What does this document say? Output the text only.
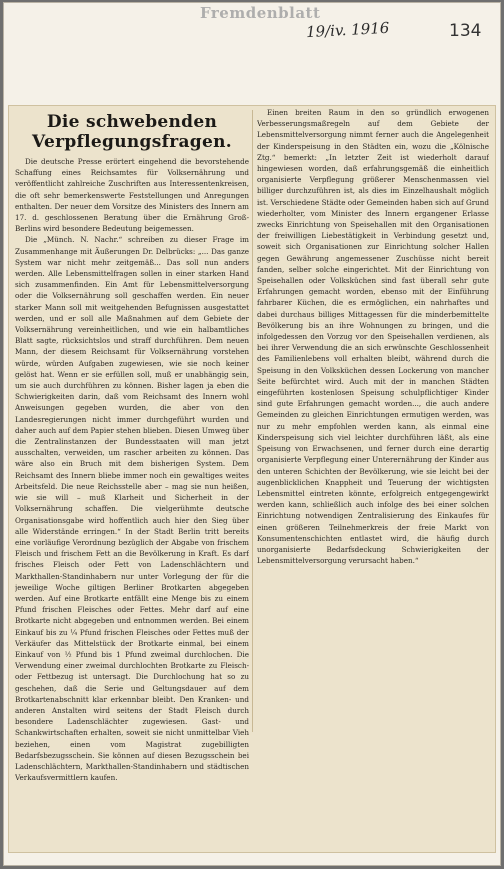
Fremdenblatt
19/iv. 1916	134
Die schwebenden Verpflegungsfragen.

Die deutsche Presse erörtert eingehend die bevorstehende Schaffung eines Reichsamtes für Volksernährung und veröffentlicht zahlreiche Zuschriften aus Interessentenkreisen, die oft sehr bemerkenswerte Feststellungen und Anregungen enthalten. Der neuer dem Vorsitze des Ministers des Innern am 17. d. geschlossenen Beratung über die Ernährung Groß-Berlins wird besondere Bedeutung beigemessen.

Die „Münch. N. Nachr.“ schreiben zu dieser Frage im Zusammenhange mit Äußerungen Dr. Delbrücks: „... Das ganze System war nicht mehr zeitgemäß... Das soll nun anders werden. Alle Lebensmittelfragen sollen in einer starken Hand sich zusammenfinden. Ein Amt für Lebensmittelversorgung oder die Volksernährung soll geschaffen werden. Ein neuer starker Mann soll mit weitgehenden Befugnissen ausgestattet werden, und er soll alle Maßnahmen auf dem Gebiete der Volksernährung vereinheitlichen, und wie ein halbamtliches Blatt sagte, rücksichtslos und straff durchführen. Dem neuen Mann, der diesem Reichsamt für Volksernährung vorstehen würde, würden Aufgaben zugewiesen, wie sie noch keiner gelöst hat. Wenn er sie erfüllen soll, muß er unabhängig sein, um sie auch durchführen zu können. Bisher lagen ja eben die Schwierigkeiten darin, daß vom Reichsamt des Innern wohl Anweisungen gegeben wurden, die aber von den Landesregierungen nicht immer durchgeführt wurden und daher auch auf dem Papier stehen blieben. Diesen Umweg über die Zentralinstanzen der Bundesstaaten will man jetzt ausschalten, verweiden, um rascher arbeiten zu können. Das wäre also ein Bruch mit dem bisherigen System. Dem Reichsamt des Innern bliebe immer noch ein gewaltiges weites Arbeitsfeld. Die neue Reichsstelle aber – mag sie nun heißen, wie sie will – muß Klarheit und Sicherheit in der Volksernährung schaffen. Die vielgerühmte deutsche Organisationsgabe wird hoffentlich auch hier den Sieg über alle Widerstände erringen.“ In der Stadt Berlin tritt bereits eine vorläufige Verordnung bezüglich der Abgabe von frischem Fleisch und frischem Fett an die Bevölkerung in Kraft. Es darf frisches Fleisch oder Fett von Ladenschlächtern und Markthallen-Standinhabern nur unter Vorlegung der für die jeweilige Woche giltigen Berliner Brotkarten abgegeben werden. Auf eine Brotkarte entfällt eine Menge bis zu einem Pfund frischen Fleisches oder Fettes. Mehr darf auf eine Brotkarte nicht abgegeben und entnommen werden. Bei einem Einkauf bis zu ¼ Pfund frischen Fleisches oder Fettes muß der Verkäufer das Mittelstück der Brotkarte einmal, bei einem Einkauf von ½ Pfund bis 1 Pfund zweimal durchlochen. Die Verwendung einer zweimal durchlochten Brotkarte zu Fleisch- oder Fettbezug ist untersagt. Die Durchlochung hat so zu geschehen, daß die Serie und Geltungsdauer auf dem Brotkartenabschnitt klar erkennbar bleibt. Den Kranken- und anderen Anstalten wird seitens der Stadt Fleisch durch besondere Ladenschlächter zugewiesen. Gast- und Schankwirtschaften erhalten, soweit sie nicht unmittelbar Vieh beziehen, einen vom Magistrat zugebilligten Bedarfsbezugsschein. Sie können auf diesen Bezugsschein bei Ladenschlächtern, Markthallen-Standinhabern und städtischen Verkaufsvermittlern kaufen.

Einen breiten Raum in den so gründlich erwogenen Verbesserungsmaßregeln auf dem Gebiete der Lebensmittelversorgung nimmt ferner auch die Angelegenheit der Kinderspeisung in den Städten ein, wozu die „Kölnische Ztg.“ bemerkt: „In letzter Zeit ist wiederholt darauf hingewiesen worden, daß erfahrungsgemäß die einheitlich organisierte Verpflegung größerer Menschenmassen viel billiger durchzuführen ist, als dies im Einzelhaushalt möglich ist. Verschiedene Städte oder Gemeinden haben sich auf Grund wiederholter, vom Minister des Innern ergangener Erlasse zwecks Einrichtung von Speisehallen mit den Organisationen der freiwilligen Liebestätigkeit in Verbindung gesetzt und, soweit sich Organisationen zur Einrichtung solcher Hallen gegen Gewährung angemessener Zuschüsse nicht bereit fanden, selber solche eingerichtet. Mit der Einrichtung von Speisehallen oder Volksküchen sind fast überall sehr gute Erfahrungen gemacht worden, ebenso mit der Einführung fahrbarer Küchen, die es ermöglichen, ein nahrhaftes und dabei durchaus billiges Mittagessen für die minderbemittelte Bevölkerung bis an ihre Wohnungen zu bringen, und die infolgedessen den Vorzug vor den Speisehallen verdienen, als bei ihrer Verwendung die an sich erwünschte Geschlossenheit des Familienlebens voll erhalten bleibt, während durch die Speisung in den Volksküchen dessen Lockerung von mancher Seite befürchtet wird. Auch mit der in manchen Städten eingeführten kostenlosen Speisung schulpflichtiger Kinder sind gute Erfahrungen gemacht worden..., die auch andere Gemeinden zu gleichen Einrichtungen ermutigen werden, was nur zu mehr empfohlen werden kann, als einmal eine Kinderspeisung sich viel leichter durchführen läßt, als eine Speisung von Erwachsenen, und ferner durch eine derartig organisierte Verpflegung einer Unterernährung der Kinder aus den unteren Schichten der Bevölkerung, wie sie leicht bei der augenblicklichen Knappheit und Teuerung der wichtigsten Lebensmittel eintreten könnte, erfolgreich entgegengewirkt werden kann, schließlich auch infolge des bei einer solchen Einrichtung notwendigen Zentralisierung des Einkaufes für einen größeren Teilnehmerkreis der freie Markt von Konsumentenschichten entlastet wird, die häufig durch unorganisierte Bedarfsdeckung Schwierigkeiten der Lebensmittelversorgung verursacht haben.“
